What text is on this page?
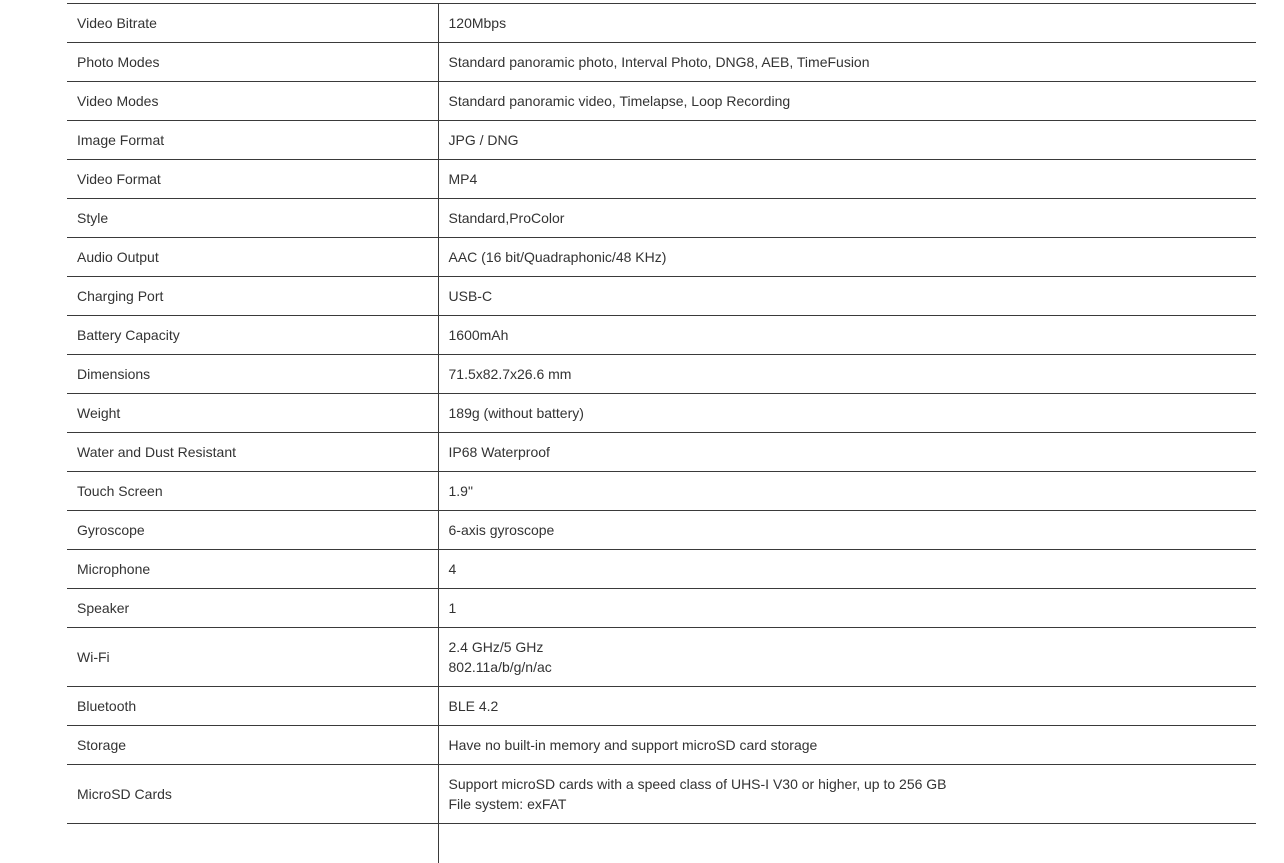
Video Bitrate	120Mbps

Photo Modes	Standard panoramic photo, Interval Photo, DNG8, AEB, TimeFusion

Video Modes	Standard panoramic video, Timelapse, Loop Recording

Image Format	JPG / DNG

Video Format	MP4

Style	Standard,ProColor

Audio Output	AAC (16 bit/Quadraphonic/48 KHz)

Charging Port	USB-C

Battery Capacity	1600mAh

Dimensions	71.5x82.7x26.6 mm

Weight	189g (without battery)

Water and Dust Resistant	IP68 Waterproof

Touch Screen	1.9"

Gyroscope	6-axis gyroscope

Microphone	4

Speaker	1

Wi-Fi	2.4 GHz/5 GHz
802.11a/b/g/n/ac

Bluetooth	BLE 4.2

Storage	Have no built-in memory and support microSD card storage

MicroSD Cards	Support microSD cards with a speed class of UHS-I V30 or higher, up to 256 GB
File system: exFAT
